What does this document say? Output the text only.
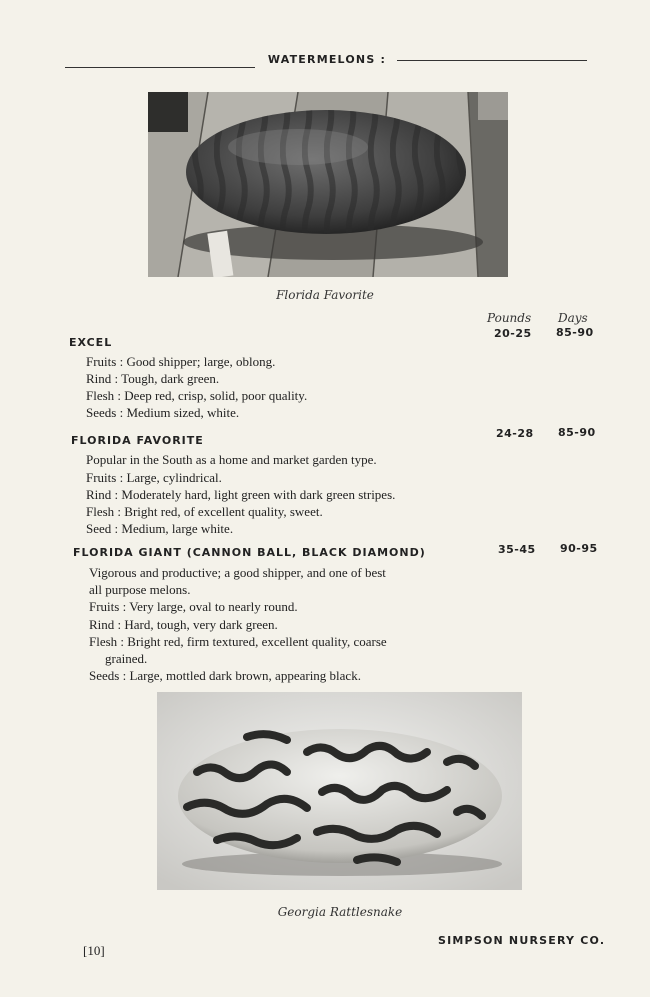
WATERMELONS :
Florida Favorite
Pounds Days
EXCEL
20-25 85-90
Fruits : Good shipper; large, oblong.
Rind : Tough, dark green.
Flesh : Deep red, crisp, solid, poor quality.
Seeds : Medium sized, white.
FLORIDA FAVORITE
24-28 85-90
Popular in the South as a home and market garden type.
Fruits : Large, cylindrical.
Rind : Moderately hard, light green with dark green stripes.
Flesh : Bright red, of excellent quality, sweet.
Seed : Medium, large white.
FLORIDA GIANT (CANNON BALL, BLACK DIAMOND)	35-45 90-95
Vigorous and productive; a good shipper, and one of best
all purpose melons.
Fruits : Very large, oval to nearly round.
Rind : Hard, tough, very dark green.
Flesh : Bright red, firm textured, excellent quality, coarse
grained.
Seeds : Large, mottled dark brown, appearing black.
Georgia Rattlesnake
[10]
SIMPSON NURSERY CO.
